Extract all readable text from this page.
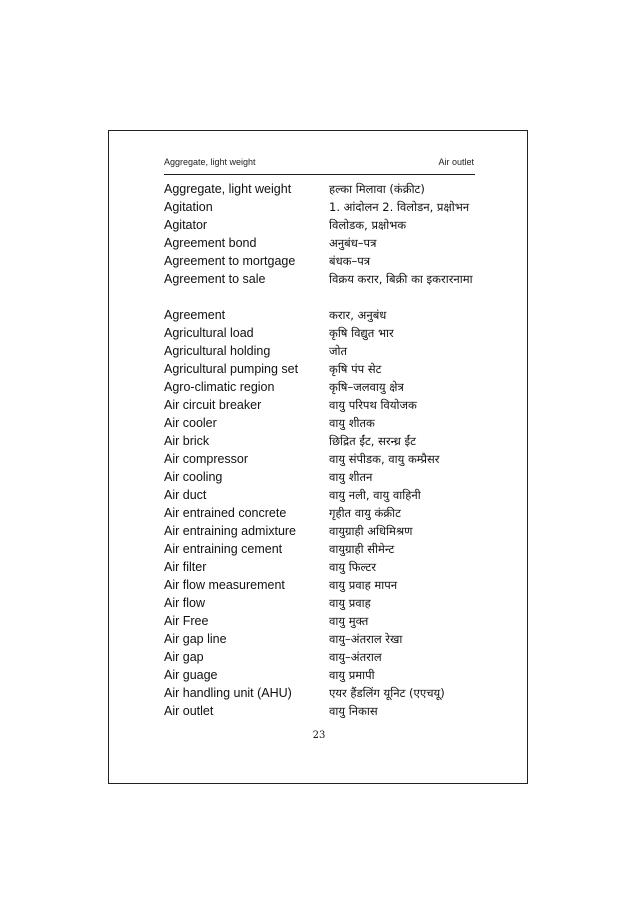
Aggregate, light weight	Air outlet
Aggregate, light weight	हल्का मिलावा (कंक्रीट)
Agitation	1. आंदोलन 2. विलोडन, प्रक्षोभन
Agitator	विलोडक, प्रक्षोभक
Agreement bond	अनुबंध–पत्र
Agreement to mortgage	बंधक–पत्र
Agreement to sale	विक्रय करार, बिक्री का इकरारनामा
Agreement	करार, अनुबंध
Agricultural load	कृषि विद्युत भार
Agricultural holding	जोत
Agricultural pumping set	कृषि पंप सेट
Agro-climatic region	कृषि–जलवायु क्षेत्र
Air circuit breaker	वायु परिपथ वियोजक
Air cooler	वायु शीतक
Air brick	छिद्रित ईंट, सरन्ध्र ईंट
Air compressor	वायु संपीडक, वायु कम्प्रैसर
Air cooling	वायु शीतन
Air duct	वायु नली, वायु वाहिनी
Air entrained concrete	गृहीत वायु कंक्रीट
Air entraining admixture	वायुग्राही अधिमिश्रण
Air entraining cement	वायुग्राही सीमेन्ट
Air filter	वायु फिल्टर
Air flow measurement	वायु प्रवाह मापन
Air flow	वायु प्रवाह
Air Free	वायु मुक्त
Air gap line	वायु–अंतराल रेखा
Air gap	वायु–अंतराल
Air guage	वायु प्रमापी
Air handling unit (AHU)	एयर हैंडलिंग यूनिट (एएचयू)
Air outlet	वायु निकास
23
